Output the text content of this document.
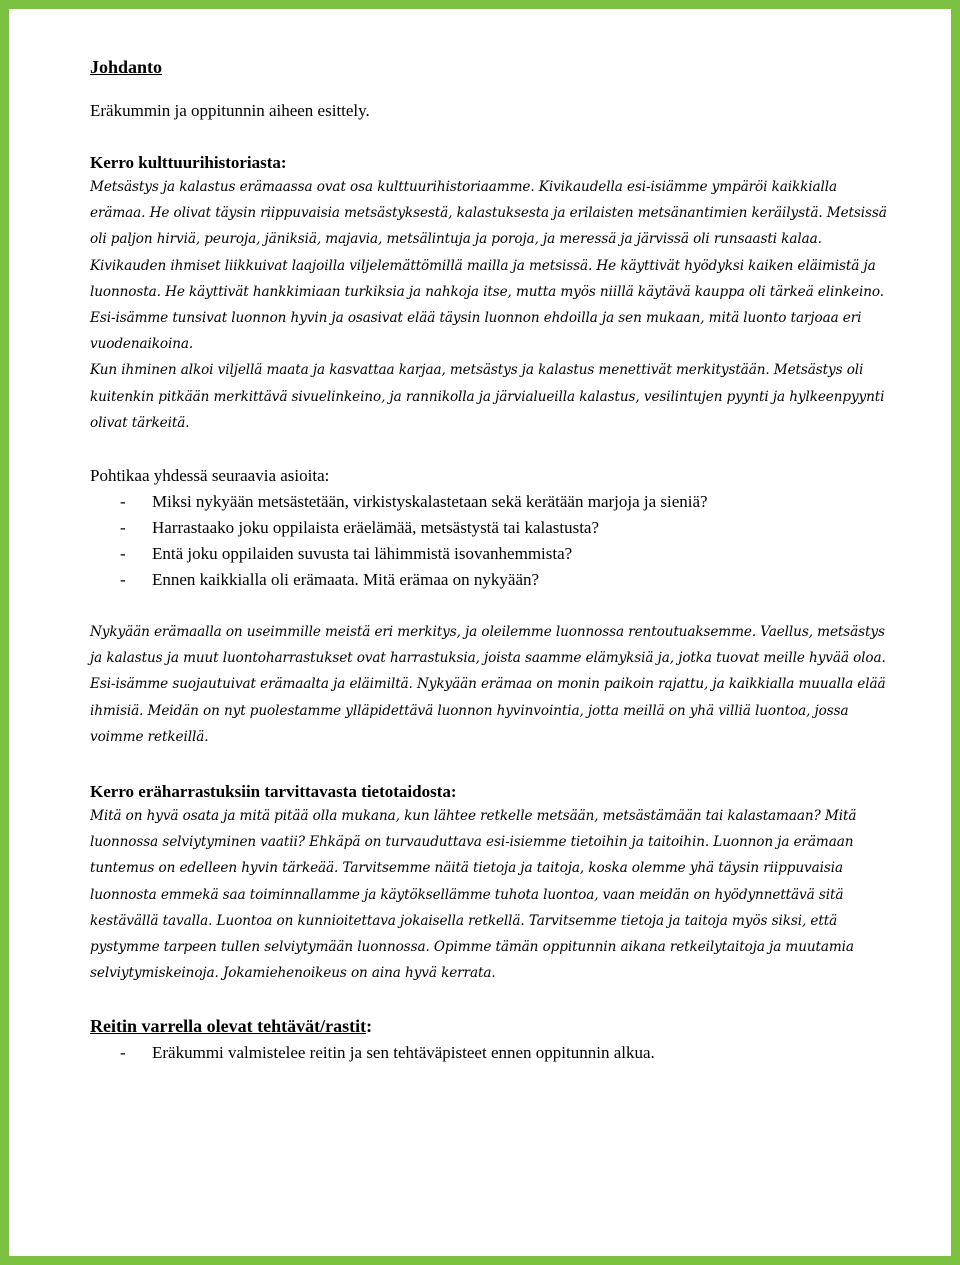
Johdanto

Eräkummin ja oppitunnin aiheen esittely.

Kerro kulttuurihistoriasta:

Metsästys ja kalastus erämaassa ovat osa kulttuurihistoriaamme. Kivikaudella esi-isiämme ympäröi kaikkialla erämaa. He olivat täysin riippuvaisia metsästyksestä, kalastuksesta ja erilaisten metsänantimien keräilystä. Metsissä oli paljon hirviä, peuroja, jäniksiä, majavia, metsälintuja ja poroja, ja meressä ja järvissä oli runsaasti kalaa. Kivikauden ihmiset liikkuivat laajoilla viljelemättömillä mailla ja metsissä. He käyttivät hyödyksi kaiken eläimistä ja luonnosta. He käyttivät hankkimiaan turkiksia ja nahkoja itse, mutta myös niillä käytävä kauppa oli tärkeä elinkeino. Esi-isämme tunsivat luonnon hyvin ja osasivat elää täysin luonnon ehdoilla ja sen mukaan, mitä luonto tarjoaa eri vuodenaikoina.

Kun ihminen alkoi viljellä maata ja kasvattaa karjaa, metsästys ja kalastus menettivät merkitystään. Metsästys oli kuitenkin pitkään merkittävä sivuelinkeino, ja rannikolla ja järvialueilla kalastus, vesilintujen pyynti ja hylkeenpyynti olivat tärkeitä.

Pohtikaa yhdessä seuraavia asioita:

- Miksi nykyään metsästetään, virkistyskalastetaan sekä kerätään marjoja ja sieniä?
- Harrastaako joku oppilaista eräelämää, metsästystä tai kalastusta?
- Entä joku oppilaiden suvusta tai lähimmistä isovanhemmista?
- Ennen kaikkialla oli erämaata. Mitä erämaa on nykyään?

Nykyään erämaalla on useimmille meistä eri merkitys, ja oleilemme luonnossa rentoutuaksemme. Vaellus, metsästys ja kalastus ja muut luontoharrastukset ovat harrastuksia, joista saamme elämyksiä ja, jotka tuovat meille hyvää oloa.

Esi-isämme suojautuivat erämaalta ja eläimiltä. Nykyään erämaa on monin paikoin rajattu, ja kaikkialla muualla elää ihmisiä. Meidän on nyt puolestamme ylläpidettävä luonnon hyvinvointia, jotta meillä on yhä villiä luontoa, jossa voimme retkeillä.

Kerro eräharrastuksiin tarvittavasta tietotaidosta:

Mitä on hyvä osata ja mitä pitää olla mukana, kun lähtee retkelle metsään, metsästämään tai kalastamaan? Mitä luonnossa selviytyminen vaatii? Ehkäpä on turvauduttava esi-isiemme tietoihin ja taitoihin. Luonnon ja erämaan tuntemus on edelleen hyvin tärkeää. Tarvitsemme näitä tietoja ja taitoja, koska olemme yhä täysin riippuvaisia luonnosta emmekä saa toiminnallamme ja käytöksellämme tuhota luontoa, vaan meidän on hyödynnettävä sitä kestävällä tavalla. Luontoa on kunnioitettava jokaisella retkellä. Tarvitsemme tietoja ja taitoja myös siksi, että pystymme tarpeen tullen selviytymään luonnossa. Opimme tämän oppitunnin aikana retkeilytaitoja ja muutamia selviytymiskeinoja. Jokamiehenoikeus on aina hyvä kerrata.

Reitin varrella olevat tehtävät/rastit:

- Eräkummi valmistelee reitin ja sen tehtäväpisteet ennen oppitunnin alkua.
